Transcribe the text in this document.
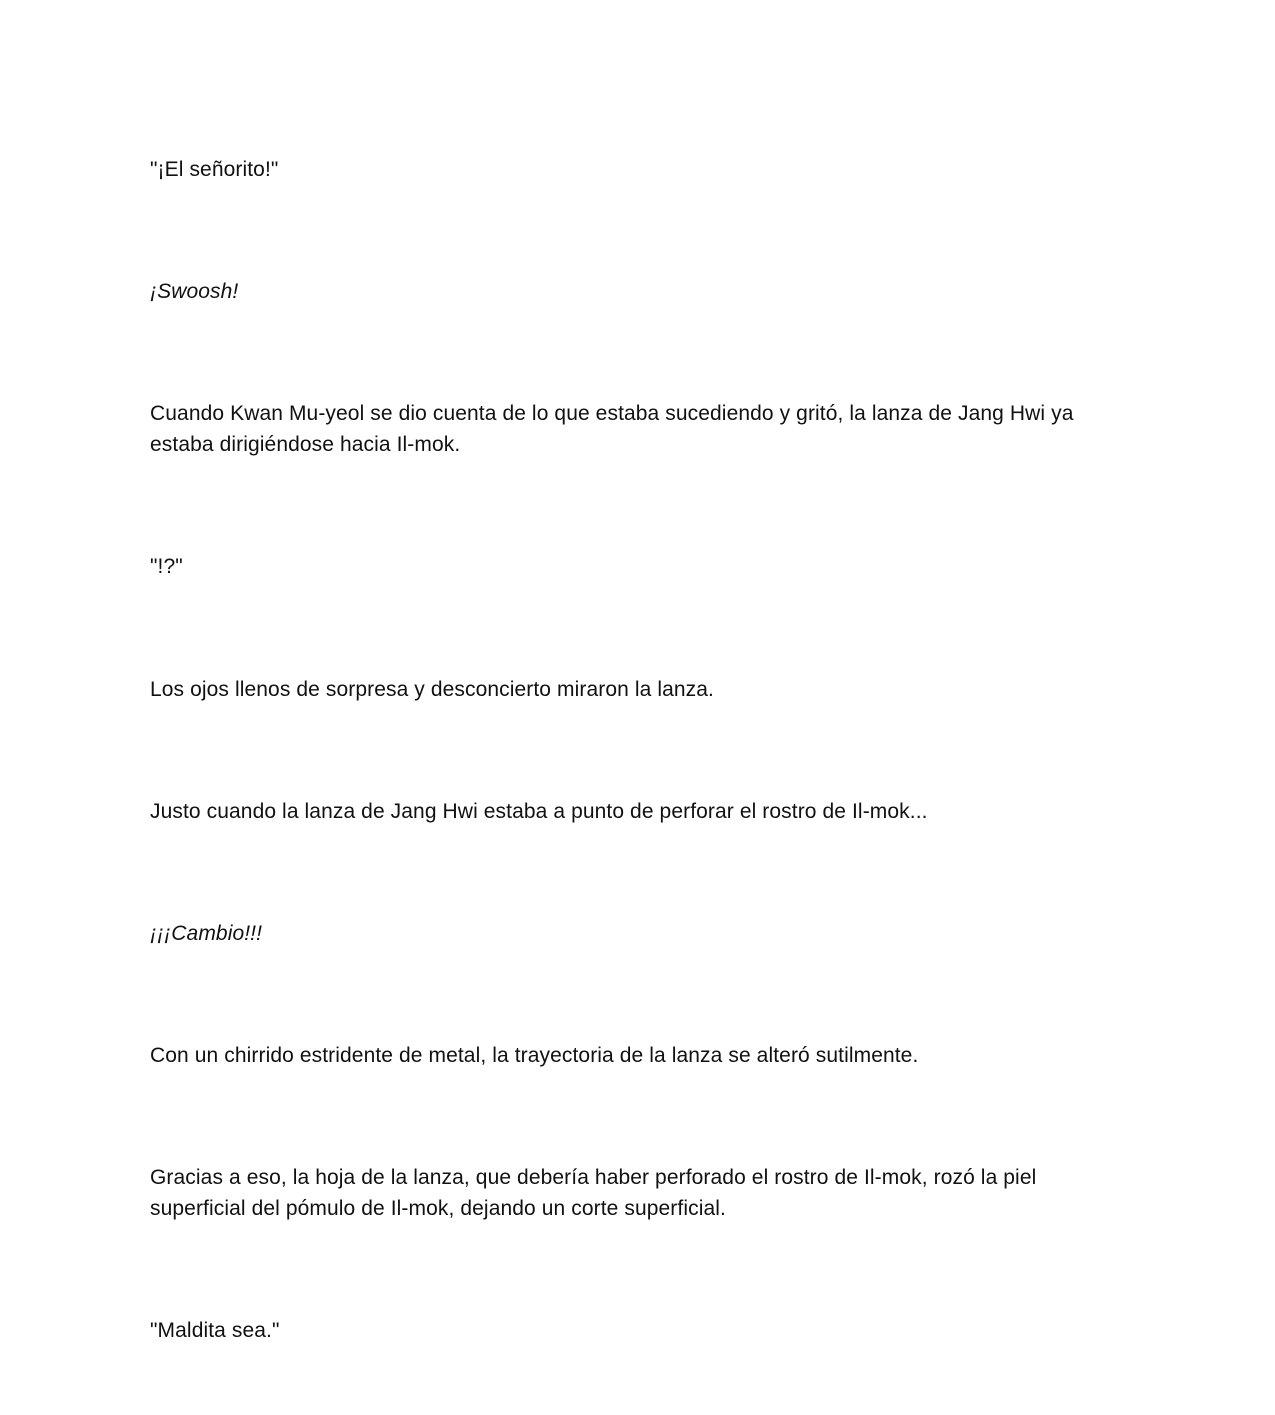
"¡El señorito!"

¡Swoosh!

Cuando Kwan Mu-yeol se dio cuenta de lo que estaba sucediendo y gritó, la lanza de Jang Hwi ya estaba dirigiéndose hacia Il-mok.

"!?"

Los ojos llenos de sorpresa y desconcierto miraron la lanza.

Justo cuando la lanza de Jang Hwi estaba a punto de perforar el rostro de Il-mok...

¡¡¡Cambio!!!

Con un chirrido estridente de metal, la trayectoria de la lanza se alteró sutilmente.

Gracias a eso, la hoja de la lanza, que debería haber perforado el rostro de Il-mok, rozó la piel superficial del pómulo de Il-mok, dejando un corte superficial.

"Maldita sea."
